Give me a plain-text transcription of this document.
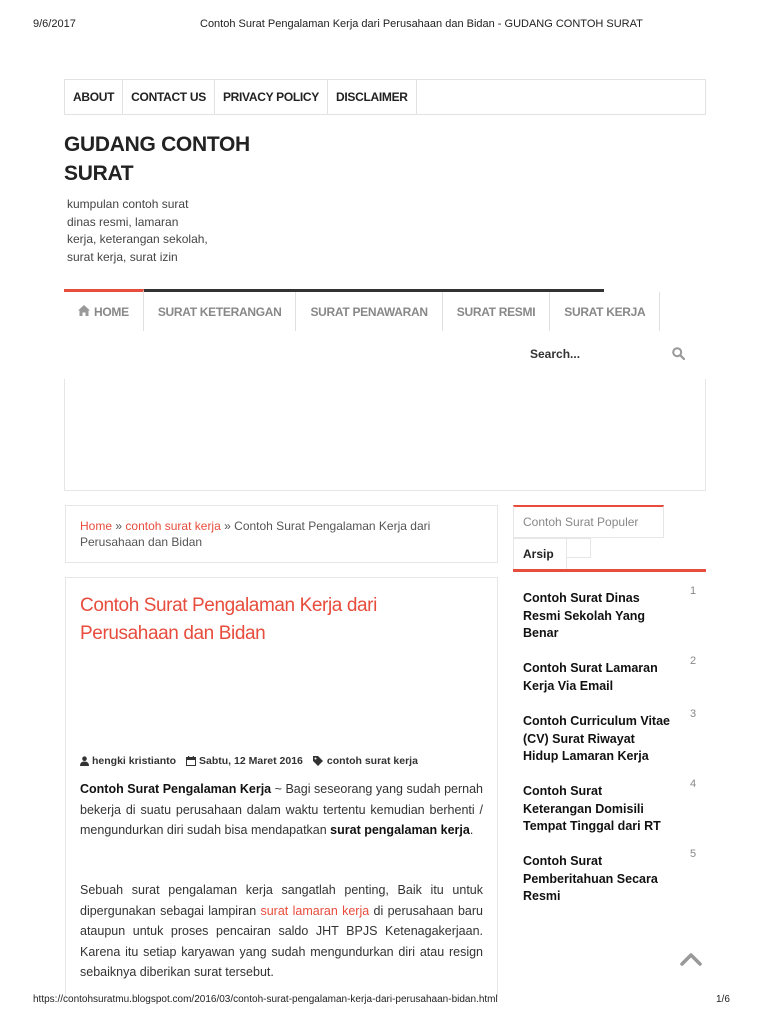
9/6/2017	Contoh Surat Pengalaman Kerja dari Perusahaan dan Bidan - GUDANG CONTOH SURAT
ABOUT CONTACT US PRIVACY POLICY DISCLAIMER
GUDANG CONTOH
SURAT
kumpulan contoh surat
dinas resmi, lamaran
kerja, keterangan sekolah,
surat kerja, surat izin
HOME	SURAT KETERANGAN	SURAT PENAWARAN	SURAT RESMI	SURAT KERJA
Search...
Home » contoh surat kerja » Contoh Surat Pengalaman Kerja dari
Perusahaan dan Bidan
Contoh Surat Pengalaman Kerja dari
Perusahaan dan Bidan
hengki kristianto Sabtu, 12 Maret 2016 contoh surat kerja

Contoh Surat Pengalaman Kerja ~ Bagi seseorang yang sudah pernah bekerja di suatu perusahaan dalam waktu tertentu kemudian berhenti / mengundurkan diri sudah bisa mendapatkan surat pengalaman kerja.

Sebuah surat pengalaman kerja sangatlah penting, Baik itu untuk dipergunakan sebagai lampiran surat lamaran kerja di perusahaan baru ataupun untuk proses pencairan saldo JHT BPJS Ketenagakerjaan. Karena itu setiap karyawan yang sudah mengundurkan diri atau resign sebaiknya diberikan surat tersebut.

Contoh Surat Populer
Arsip
Contoh Surat Dinas
Resmi Sekolah Yang
Benar
1
Contoh Surat Lamaran
Kerja Via Email
2
Contoh Curriculum Vitae
(CV) Surat Riwayat
Hidup Lamaran Kerja
3
Contoh Surat
Keterangan Domisili
Tempat Tinggal dari RT
4
Contoh Surat
Pemberitahuan Secara
Resmi
5
https://contohsuratmu.blogspot.com/2016/03/contoh-surat-pengalaman-kerja-dari-perusahaan-bidan.html	1/6
